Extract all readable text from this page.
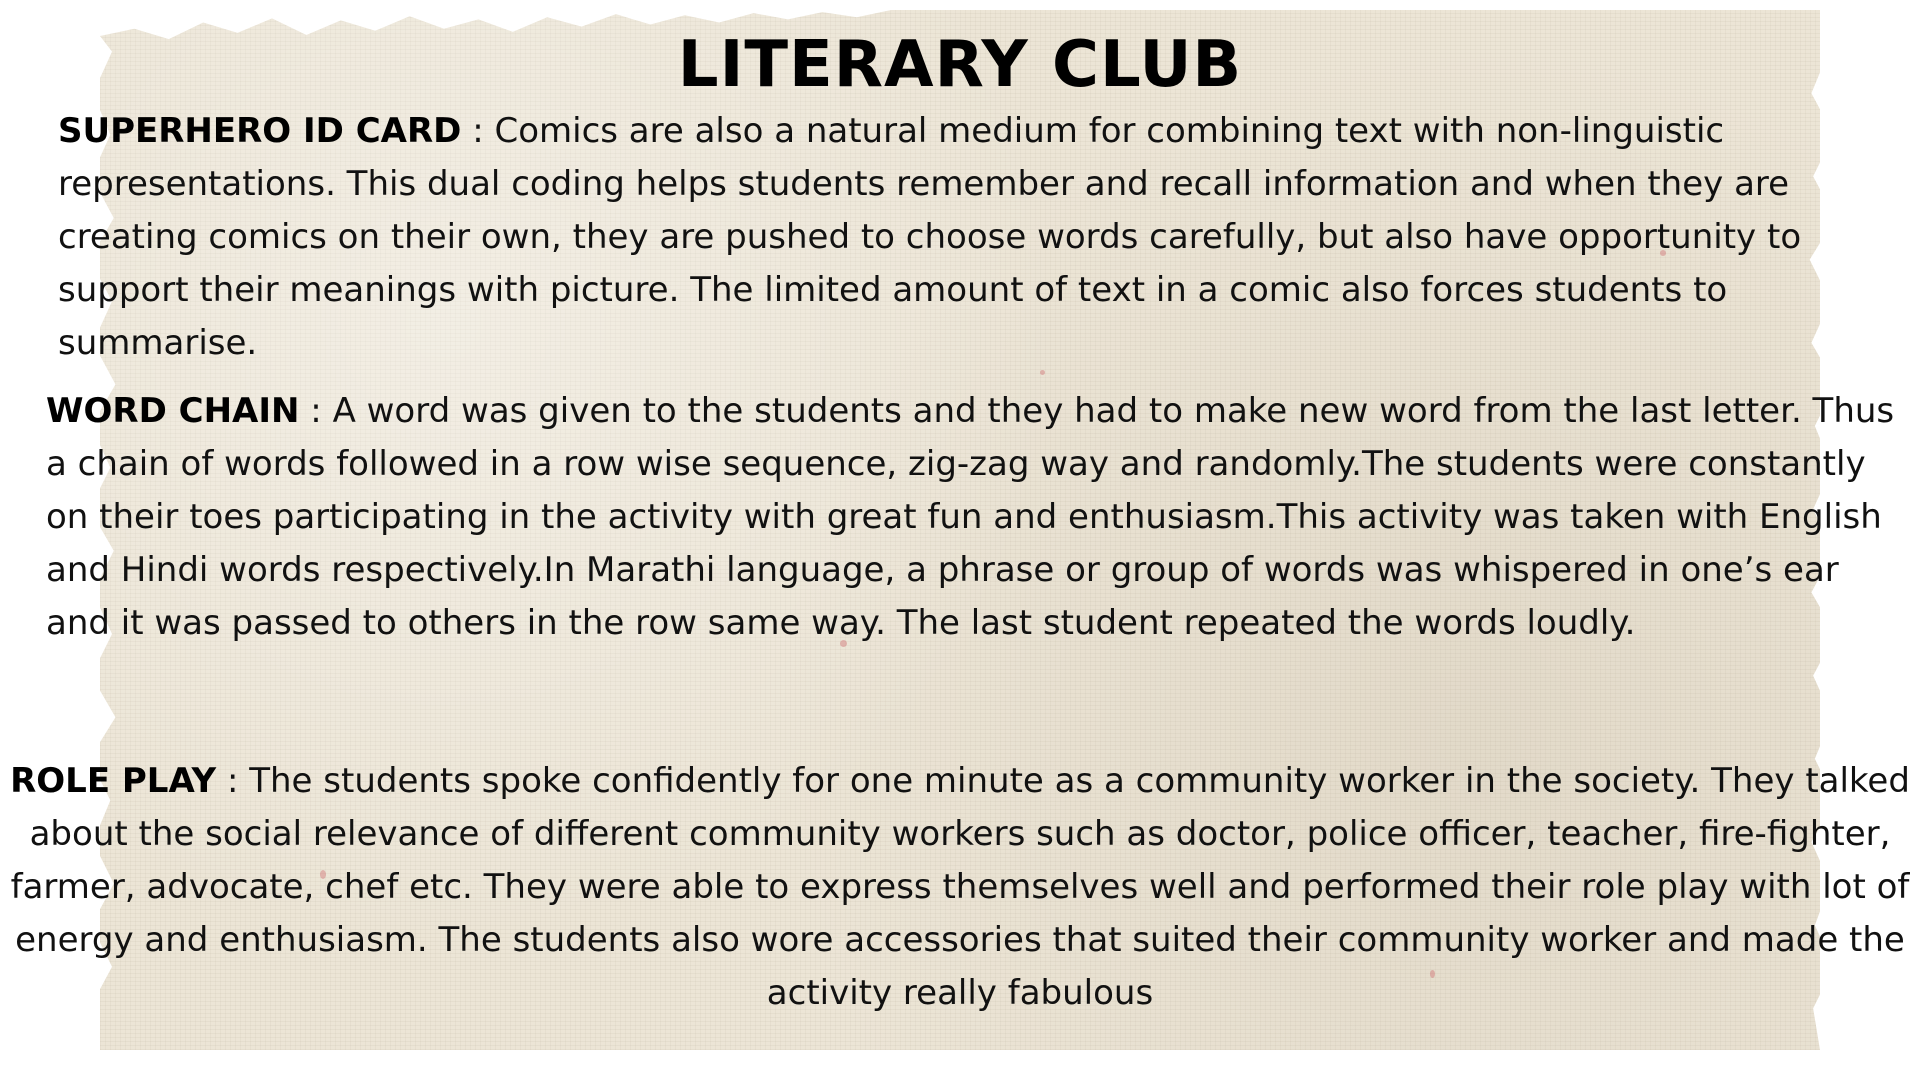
LITERARY CLUB

SUPERHERO ID CARD : Comics are also a natural medium for combining text with non-linguistic representations. This dual coding helps students remember and recall information and when they are creating comics on their own, they are pushed to choose words carefully, but also have opportunity to support their meanings with picture. The limited amount of text in a comic also forces students to summarise.

WORD CHAIN : A word was given to the students and they had to make new word from the last letter. Thus a chain of words followed in a row wise sequence, zig-zag way and randomly.The students were constantly on their toes participating in the activity with great fun and enthusiasm.This activity was taken with English and Hindi words respectively.In Marathi language, a phrase or group of words was whispered in one’s ear and it was passed to others in the row same way. The last student repeated the words loudly.

ROLE PLAY : The students spoke confidently for one minute as a community worker in the society. They talked about the social relevance of different community workers such as doctor, police officer, teacher, fire-fighter, farmer, advocate, chef etc. They were able to express themselves well and performed their role play with lot of energy and enthusiasm. The students also wore accessories that suited their community worker and made the activity really fabulous
